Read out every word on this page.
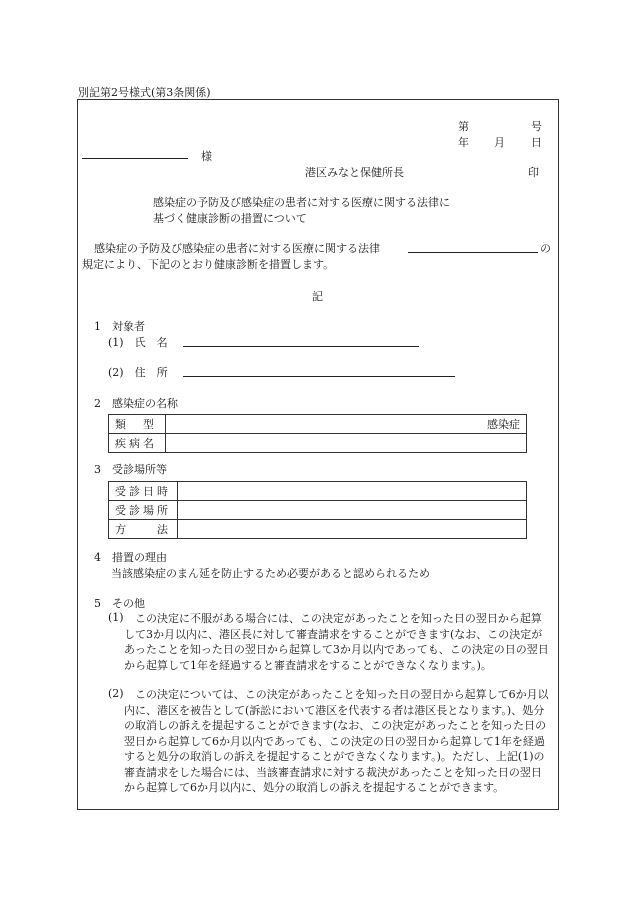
別記第2号様式(第3条関係)
第	号
年 月 日
様
港区みなと保健所長	印
感染症の予防及び感染症の患者に対する医療に関する法律に
基づく健康診断の措置について
感染症の予防及び感染症の患者に対する医療に関する法律	の
規定により、下記のとおり健康診断を措置します。
記
1　対象者
(1)　氏　名
(2)　住　所
2　感染症の名称
類　型	感染症
疾病名	
3　受診場所等
受診日時	
受診場所	
方　　法	
4　措置の理由
当該感染症のまん延を防止するため必要があると認められるため
5　その他
(1) 　この決定に不服がある場合には、この決定があったことを知った日の翌日から起算して3か月以内に、港区長に対して審査請求をすることができます(なお、この決定があったことを知った日の翌日から起算して3か月以内であっても、この決定の日の翌日から起算して1年を経過すると審査請求をすることができなくなります。)。
(2) 　この決定については、この決定があったことを知った日の翌日から起算して6か月以内に、港区を被告として(訴訟において港区を代表する者は港区長となります。)、処分の取消しの訴えを提起することができます(なお、この決定があったことを知った日の翌日から起算して6か月以内であっても、この決定の日の翌日から起算して1年を経過すると処分の取消しの訴えを提起することができなくなります。)。ただし、上記(1)の審査請求をした場合には、当該審査請求に対する裁決があったことを知った日の翌日から起算して6か月以内に、処分の取消しの訴えを提起することができます。
